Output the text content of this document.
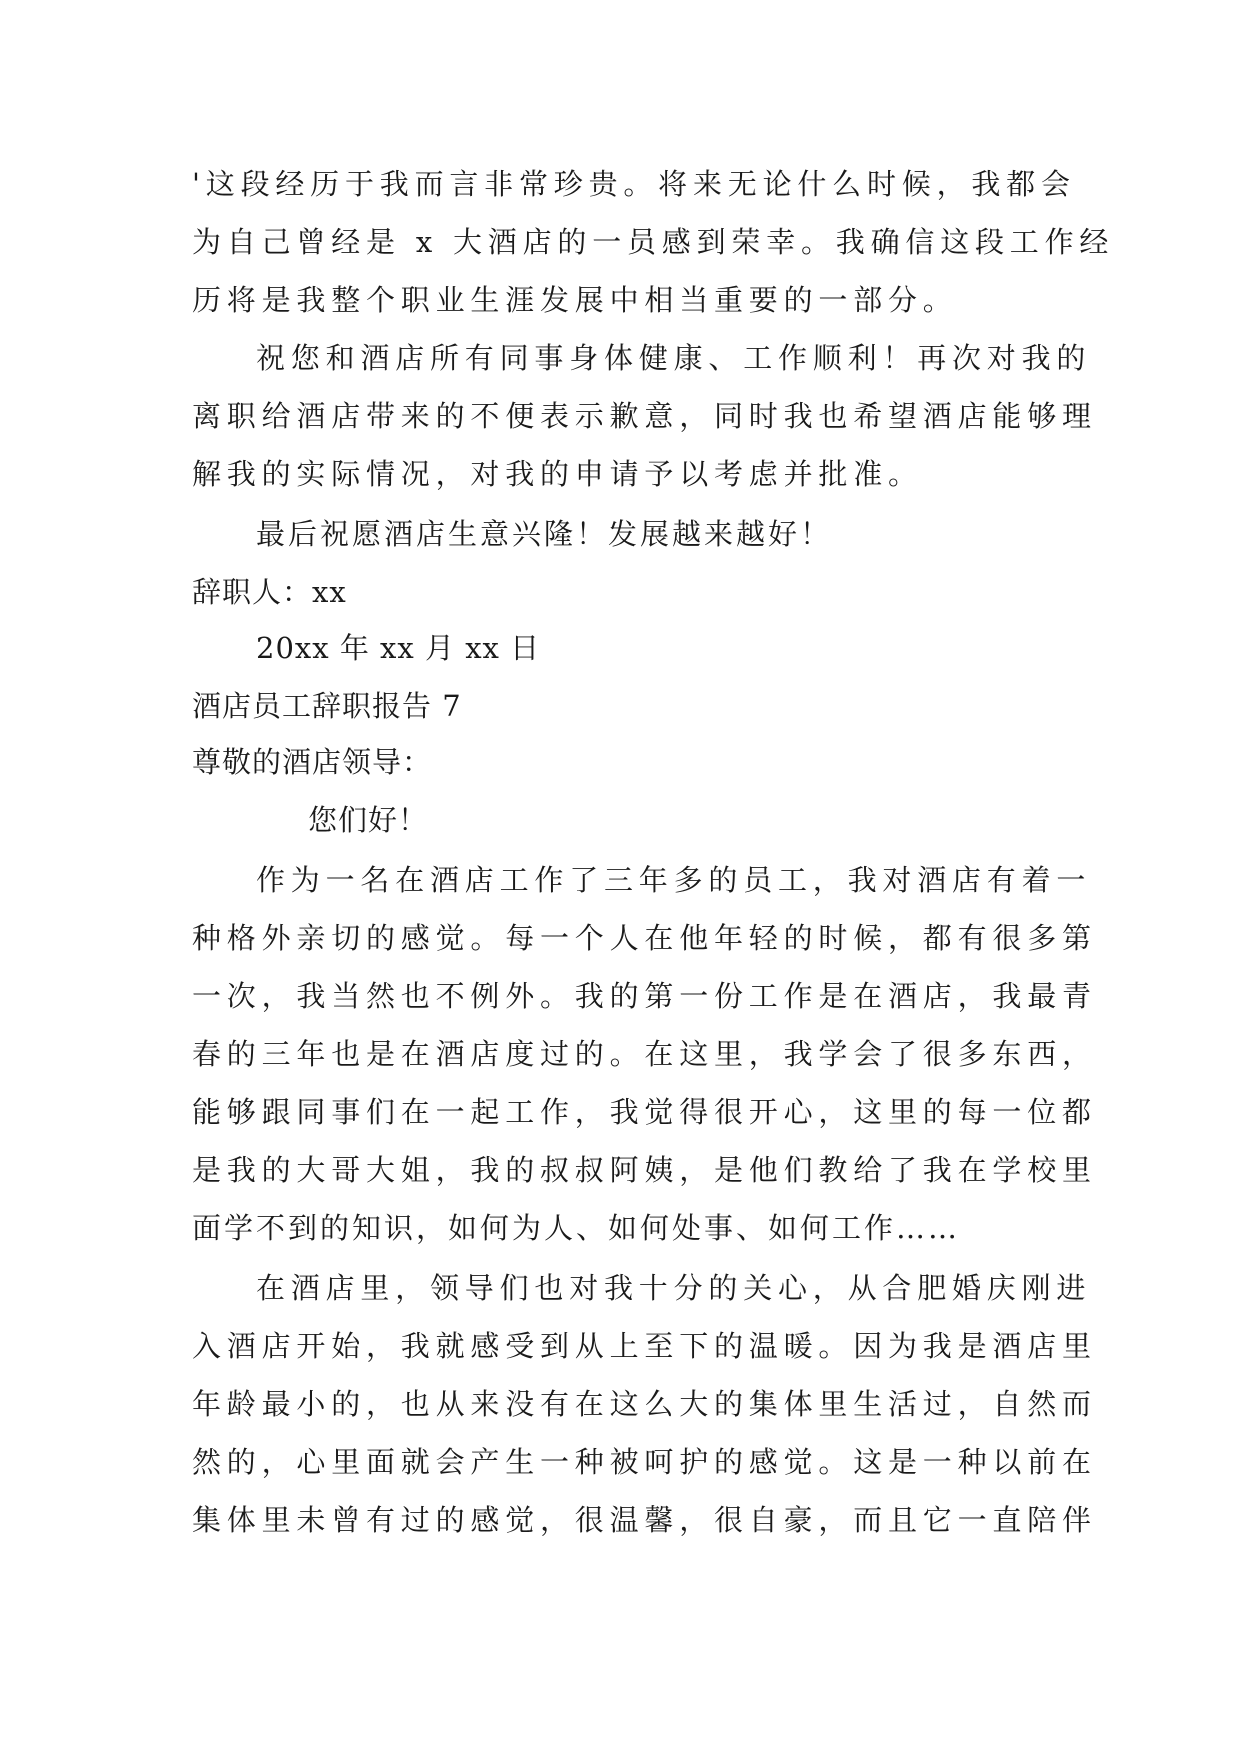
'这段经历于我而言非常珍贵。将来无论什么时候，我都会

为自己曾经是 x 大酒店的一员感到荣幸。我确信这段工作经

历将是我整个职业生涯发展中相当重要的一部分。

祝您和酒店所有同事身体健康、工作顺利！再次对我的

离职给酒店带来的不便表示歉意，同时我也希望酒店能够理

解我的实际情况，对我的申请予以考虑并批准。

最后祝愿酒店生意兴隆！发展越来越好！

辞职人：xx

20xx 年 xx 月 xx 日

酒店员工辞职报告 7

尊敬的酒店领导：

您们好！

作为一名在酒店工作了三年多的员工，我对酒店有着一

种格外亲切的感觉。每一个人在他年轻的时候，都有很多第

一次，我当然也不例外。我的第一份工作是在酒店，我最青

春的三年也是在酒店度过的。在这里，我学会了很多东西，

能够跟同事们在一起工作，我觉得很开心，这里的每一位都

是我的大哥大姐，我的叔叔阿姨，是他们教给了我在学校里

面学不到的知识，如何为人、如何处事、如何工作……

在酒店里，领导们也对我十分的关心，从合肥婚庆刚进

入酒店开始，我就感受到从上至下的温暖。因为我是酒店里

年龄最小的，也从来没有在这么大的集体里生活过，自然而

然的，心里面就会产生一种被呵护的感觉。这是一种以前在

集体里未曾有过的感觉，很温馨，很自豪，而且它一直陪伴
